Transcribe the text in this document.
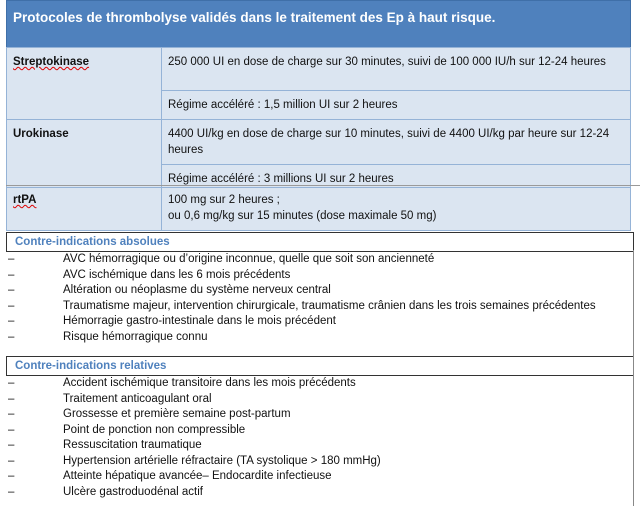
Protocoles de thrombolyse validés dans le traitement des Ep à haut risque.
Streptokinase	250 000 UI en dose de charge sur 30 minutes, suivi de 100 000 IU/h sur 12-24 heures
	Régime accéléré : 1,5 million UI sur 2 heures
Urokinase	4400 UI/kg en dose de charge sur 10 minutes, suivi de 4400 UI/kg par heure sur 12-24 heures
	Régime accéléré : 3 millions UI sur 2 heures
rtPA	100 mg sur 2 heures ;
ou 0,6 mg/kg sur 15 minutes (dose maximale 50 mg)
Contre-indications absolues
–	AVC hémorragique ou d’origine inconnue, quelle que soit son ancienneté
–	AVC ischémique dans les 6 mois précédents
–	Altération ou néoplasme du système nerveux central
–	Traumatisme majeur, intervention chirurgicale, traumatisme crânien dans les trois semaines précédentes
–	Hémorragie gastro-intestinale dans le mois précédent
–	Risque hémorragique connu
Contre-indications relatives
–	Accident ischémique transitoire dans les mois précédents
–	Traitement anticoagulant oral
–	Grossesse et première semaine post-partum
–	Point de ponction non compressible
–	Ressuscitation traumatique
–	Hypertension artérielle réfractaire (TA systolique > 180 mmHg)
–	Atteinte hépatique avancée– Endocardite infectieuse
–	Ulcère gastroduodénal actif
